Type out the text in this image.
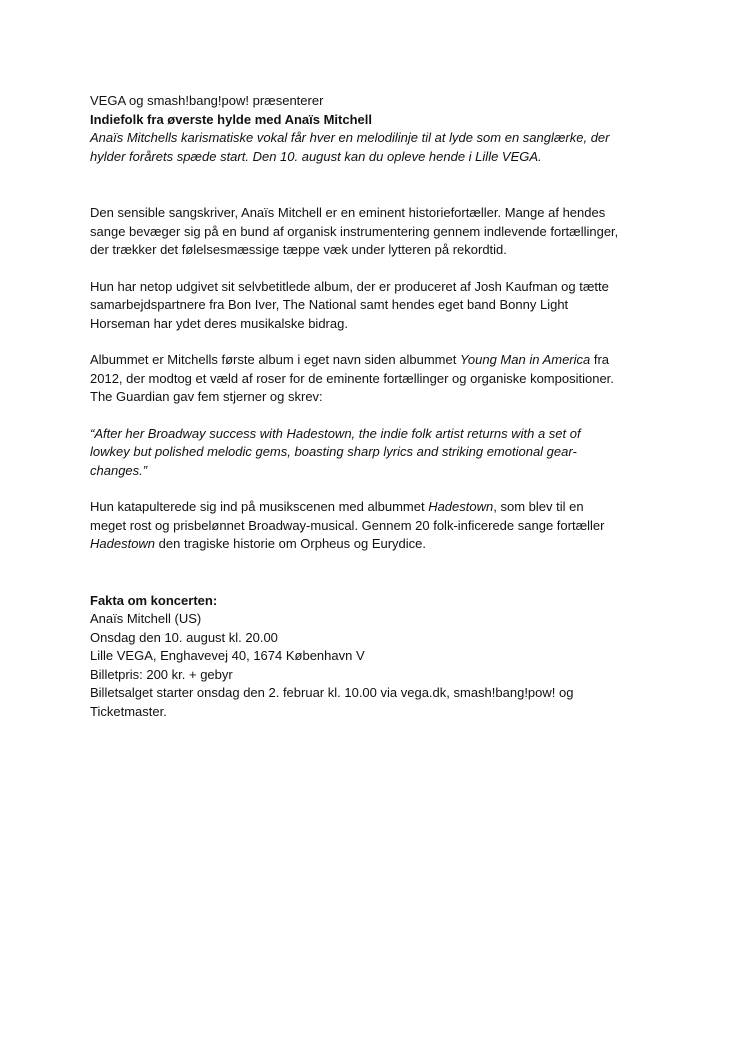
VEGA og smash!bang!pow! præsenterer
Indiefolk fra øverste hylde med Anaïs Mitchell
Anaïs Mitchells karismatiske vokal får hver en melodilinje til at lyde som en sanglærke, der
hylder forårets spæde start. Den 10. august kan du opleve hende i Lille VEGA.
Den sensible sangskriver, Anaïs Mitchell er en eminent historiefortæller. Mange af hendes
sange bevæger sig på en bund af organisk instrumentering gennem indlevende fortællinger,
der trækker det følelsesmæssige tæppe væk under lytteren på rekordtid.
Hun har netop udgivet sit selvbetitlede album, der er produceret af Josh Kaufman og tætte
samarbejdspartnere fra Bon Iver, The National samt hendes eget band Bonny Light
Horseman har ydet deres musikalske bidrag.
Albummet er Mitchells første album i eget navn siden albummet Young Man in America fra
2012, der modtog et væld af roser for de eminente fortællinger og organiske kompositioner.
The Guardian gav fem stjerner og skrev:
“After her Broadway success with Hadestown, the indie folk artist returns with a set of
lowkey but polished melodic gems, boasting sharp lyrics and striking emotional gear-
changes.”
Hun katapulterede sig ind på musikscenen med albummet Hadestown, som blev til en
meget rost og prisbelønnet Broadway-musical. Gennem 20 folk-inficerede sange fortæller
Hadestown den tragiske historie om Orpheus og Eurydice.
Fakta om koncerten:
Anaïs Mitchell (US)
Onsdag den 10. august kl. 20.00
Lille VEGA, Enghavevej 40, 1674 København V
Billetpris: 200 kr. + gebyr
Billetsalget starter onsdag den 2. februar kl. 10.00 via vega.dk, smash!bang!pow! og
Ticketmaster.
